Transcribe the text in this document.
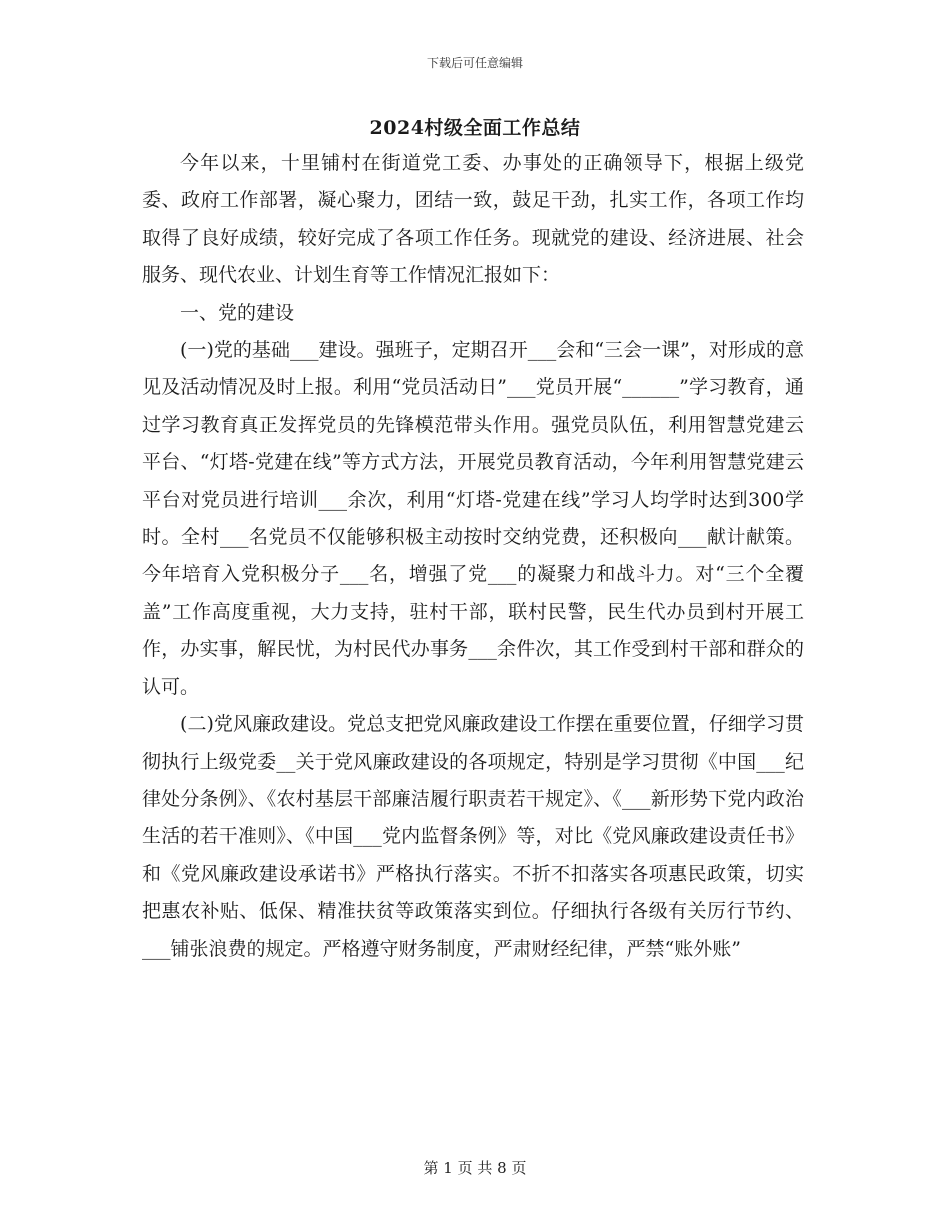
下载后可任意编辑
2024村级全面工作总结

今年以来，十里铺村在街道党工委、办事处的正确领导下，根据上级党委、政府工作部署，凝心聚力，团结一致，鼓足干劲，扎实工作，各项工作均取得了良好成绩，较好完成了各项工作任务。现就党的建设、经济进展、社会服务、现代农业、计划生育等工作情况汇报如下：

一、党的建设

(一)党的基础___建设。强班子，定期召开___会和“三会一课”，对形成的意见及活动情况及时上报。利用“党员活动日”___党员开展“______”学习教育，通过学习教育真正发挥党员的先锋模范带头作用。强党员队伍，利用智慧党建云平台、“灯塔-党建在线”等方式方法，开展党员教育活动，今年利用智慧党建云平台对党员进行培训___余次，利用“灯塔-党建在线”学习人均学时达到300学时。全村___名党员不仅能够积极主动按时交纳党费，还积极向___献计献策。今年培育入党积极分子___名，增强了党___的凝聚力和战斗力。对“三个全覆盖”工作高度重视，大力支持，驻村干部，联村民警，民生代办员到村开展工作，办实事，解民忧，为村民代办事务___余件次，其工作受到村干部和群众的认可。

(二)党风廉政建设。党总支把党风廉政建设工作摆在重要位置，仔细学习贯彻执行上级党委__关于党风廉政建设的各项规定，特别是学习贯彻《中国___纪律处分条例》、《农村基层干部廉洁履行职责若干规定》、《___新形势下党内政治生活的若干准则》、《中国___党内监督条例》等，对比《党风廉政建设责任书》和《党风廉政建设承诺书》严格执行落实。不折不扣落实各项惠民政策，切实把惠农补贴、低保、精准扶贫等政策落实到位。仔细执行各级有关厉行节约、___铺张浪费的规定。严格遵守财务制度，严肃财经纪律，严禁“账外账”

第 1 页 共 8 页
